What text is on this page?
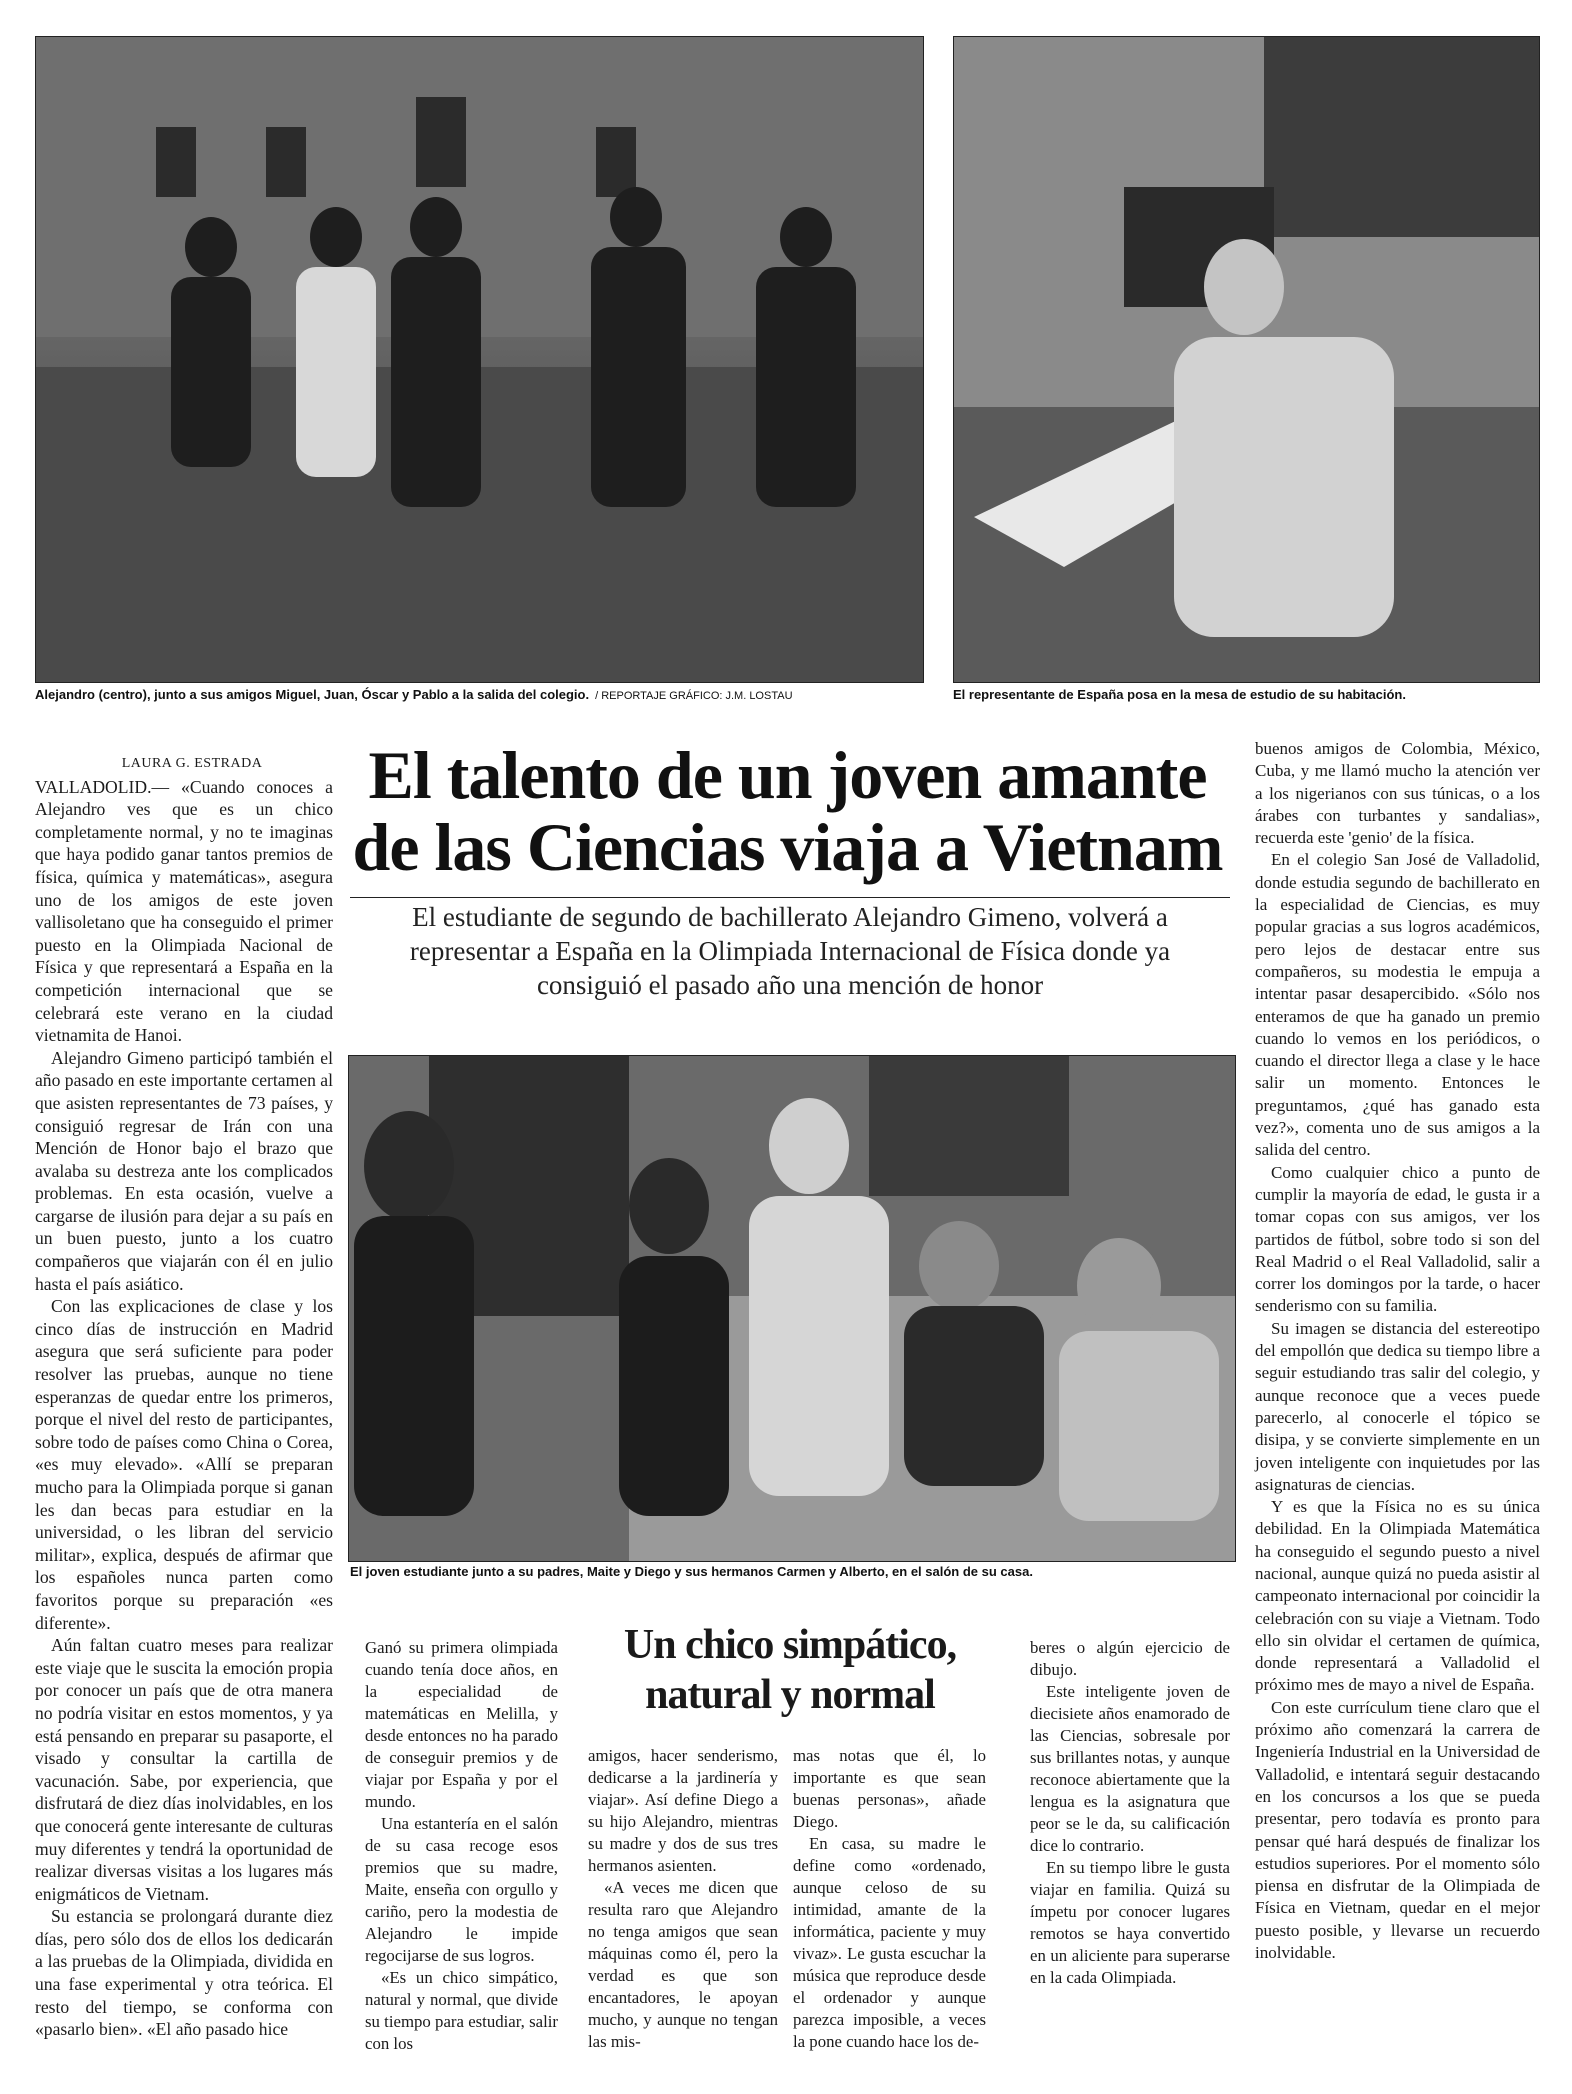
Alejandro (centro), junto a sus amigos Miguel, Juan, Óscar y Pablo a la salida del colegio. / REPORTAJE GRÁFICO: J.M. LOSTAU	El representante de España posa en la mesa de estudio de su habitación.

LAURA G. ESTRADA

VALLADOLID.— «Cuando conoces a Alejandro ves que es un chico completamente normal, y no te imaginas que haya podido ganar tantos premios de física, química y matemáticas», asegura uno de los amigos de este joven vallisoletano que ha conseguido el primer puesto en la Olimpiada Nacional de Física y que representará a España en la competición internacional que se celebrará este verano en la ciudad vietnamita de Hanoi.

Alejandro Gimeno participó también el año pasado en este importante certamen al que asisten representantes de 73 países, y consiguió regresar de Irán con una Mención de Honor bajo el brazo que avalaba su destreza ante los complicados problemas. En esta ocasión, vuelve a cargarse de ilusión para dejar a su país en un buen puesto, junto a los cuatro compañeros que viajarán con él en julio hasta el país asiático.

Con las explicaciones de clase y los cinco días de instrucción en Madrid asegura que será suficiente para poder resolver las pruebas, aunque no tiene esperanzas de quedar entre los primeros, porque el nivel del resto de participantes, sobre todo de países como China o Corea, «es muy elevado». «Allí se preparan mucho para la Olimpiada porque si ganan les dan becas para estudiar en la universidad, o les libran del servicio militar», explica, después de afirmar que los españoles nunca parten como favoritos porque su preparación «es diferente».

Aún faltan cuatro meses para realizar este viaje que le suscita la emoción propia por conocer un país que de otra manera no podría visitar en estos momentos, y ya está pensando en preparar su pasaporte, el visado y consultar la cartilla de vacunación. Sabe, por experiencia, que disfrutará de diez días inolvidables, en los que conocerá gente interesante de culturas muy diferentes y tendrá la oportunidad de realizar diversas visitas a los lugares más enigmáticos de Vietnam.

Su estancia se prolongará durante diez días, pero sólo dos de ellos los dedicarán a las pruebas de la Olimpiada, dividida en una fase experimental y otra teórica. El resto del tiempo, se conforma con «pasarlo bien». «El año pasado hice

El talento de un joven amante
de las Ciencias viaja a Vietnam
El estudiante de segundo de bachillerato Alejandro Gimeno, volverá a representar a España en la Olimpiada Internacional de Física donde ya consiguió el pasado año una mención de honor
El joven estudiante junto a su padres, Maite y Diego y sus hermanos Carmen y Alberto, en el salón de su casa.

Ganó su primera olimpiada cuando tenía doce años, en la especialidad de matemáticas en Melilla, y desde entonces no ha parado de conseguir premios y de viajar por España y por el mundo.

Una estantería en el salón de su casa recoge esos premios que su madre, Maite, enseña con orgullo y cariño, pero la modestia de Alejandro le impide regocijarse de sus logros.

«Es un chico simpático, natural y normal, que divide su tiempo para estudiar, salir con los

Un chico simpático, natural y normal

amigos, hacer senderismo, dedicarse a la jardinería y viajar». Así define Diego a su hijo Alejandro, mientras su madre y dos de sus tres hermanos asienten.

«A veces me dicen que resulta raro que Alejandro no tenga amigos que sean máquinas como él, pero la verdad es que son encantadores, le apoyan mucho, y aunque no tengan las mis-

mas notas que él, lo importante es que sean buenas personas», añade Diego.

En casa, su madre le define como «ordenado, aunque celoso de su intimidad, amante de la informática, paciente y muy vivaz». Le gusta escuchar la música que reproduce desde el ordenador y aunque parezca imposible, a veces la pone cuando hace los de-

beres o algún ejercicio de dibujo.

Este inteligente joven de diecisiete años enamorado de las Ciencias, sobresale por sus brillantes notas, y aunque reconoce abiertamente que la lengua es la asignatura que peor se le da, su calificación dice lo contrario.

En su tiempo libre le gusta viajar en familia. Quizá su ímpetu por conocer lugares remotos se haya convertido en un aliciente para superarse en la cada Olimpiada.

buenos amigos de Colombia, México, Cuba, y me llamó mucho la atención ver a los nigerianos con sus túnicas, o a los árabes con turbantes y sandalias», recuerda este 'genio' de la física.

En el colegio San José de Valladolid, donde estudia segundo de bachillerato en la especialidad de Ciencias, es muy popular gracias a sus logros académicos, pero lejos de destacar entre sus compañeros, su modestia le empuja a intentar pasar desapercibido. «Sólo nos enteramos de que ha ganado un premio cuando lo vemos en los periódicos, o cuando el director llega a clase y le hace salir un momento. Entonces le preguntamos, ¿qué has ganado esta vez?», comenta uno de sus amigos a la salida del centro.

Como cualquier chico a punto de cumplir la mayoría de edad, le gusta ir a tomar copas con sus amigos, ver los partidos de fútbol, sobre todo si son del Real Madrid o el Real Valladolid, salir a correr los domingos por la tarde, o hacer senderismo con su familia.

Su imagen se distancia del estereotipo del empollón que dedica su tiempo libre a seguir estudiando tras salir del colegio, y aunque reconoce que a veces puede parecerlo, al conocerle el tópico se disipa, y se convierte simplemente en un joven inteligente con inquietudes por las asignaturas de ciencias.

Y es que la Física no es su única debilidad. En la Olimpiada Matemática ha conseguido el segundo puesto a nivel nacional, aunque quizá no pueda asistir al campeonato internacional por coincidir la celebración con su viaje a Vietnam. Todo ello sin olvidar el certamen de química, donde representará a Valladolid el próximo mes de mayo a nivel de España.

Con este currículum tiene claro que el próximo año comenzará la carrera de Ingeniería Industrial en la Universidad de Valladolid, e intentará seguir destacando en los concursos a los que se pueda presentar, pero todavía es pronto para pensar qué hará después de finalizar los estudios superiores. Por el momento sólo piensa en disfrutar de la Olimpiada de Física en Vietnam, quedar en el mejor puesto posible, y llevarse un recuerdo inolvidable.
